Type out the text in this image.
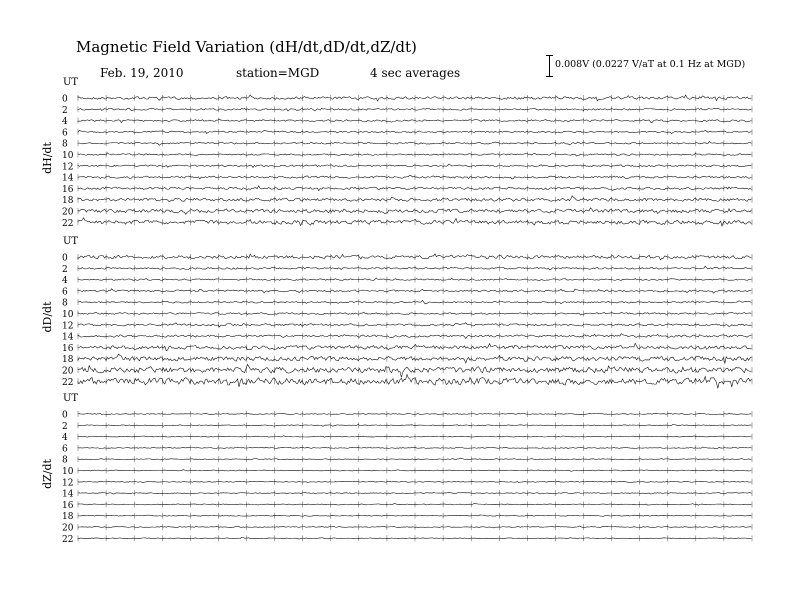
Magnetic Field Variation (dH/dt,dD/dt,dZ/dt)
Feb. 19, 2010	station=MGD	4 sec averages
0.008V (0.0227 V/aT at 0.1 Hz at MGD)
UT
dH/dt
0
2
4
6
8
10
12
14
16
18
20
22
UT
dD/dt
0
2
4
6
8
10
12
14
16
18
20
22
UT
dZ/dt
0
2
4
6
8
10
12
14
16
18
20
22
